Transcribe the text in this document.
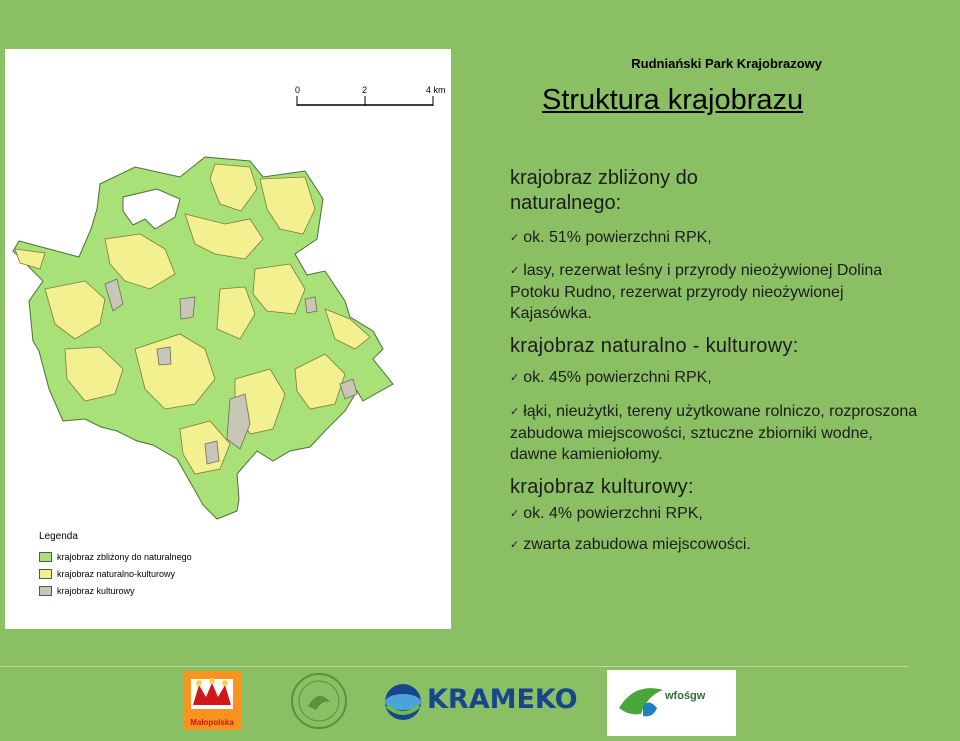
0	2	4 km
Legenda
krajobraz zbliżony do naturalnego
krajobraz naturalno-kulturowy
krajobraz kulturowy
Rudniański Park Krajobrazowy
Struktura krajobrazu
krajobraz zbliżony do naturalnego:
✓ ok. 51% powierzchni RPK,
✓ lasy, rezerwat leśny i przyrody nieożywionej Dolina Potoku Rudno, rezerwat przyrody nieożywionej Kajasówka.
krajobraz naturalno - kulturowy:
✓ ok. 45% powierzchni RPK,
✓ łąki, nieużytki, tereny użytkowane rolniczo, rozproszona zabudowa miejscowości, sztuczne zbiorniki wodne, dawne kamieniołomy.
krajobraz kulturowy:
✓ ok. 4% powierzchni RPK,
✓ zwarta zabudowa miejscowości.
Małopolska
KRAMEKO	wfośgw
